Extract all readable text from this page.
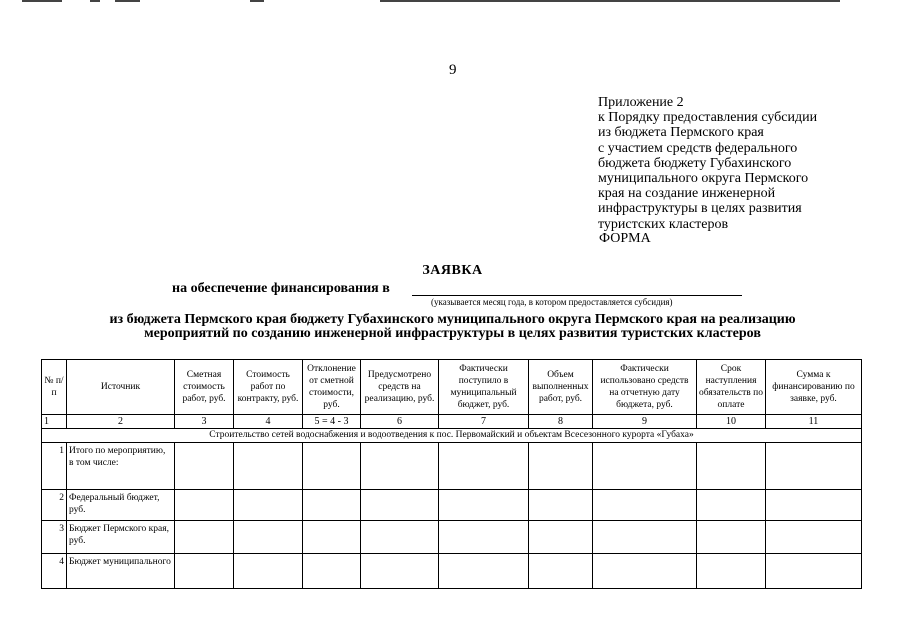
9
Приложение 2
к Порядку предоставления субсидии
из бюджета Пермского края
с участием средств федерального
бюджета бюджету Губахинского
муниципального округа Пермского
края на создание инженерной
инфраструктуры в целях развития
туристских кластеров
ФОРМА
ЗАЯВКА
на обеспечение финансирования в
(указывается месяц года, в котором предоставляется субсидия)
из бюджета Пермского края бюджету Губахинского муниципального округа Пермского края на реализацию
мероприятий по созданию инженерной инфраструктуры в целях развития туристских кластеров
№ п/п	Источник	Сметная стоимость работ, руб.	Стоимость работ по контракту, руб.	Отклонение от сметной стоимости, руб.	Предусмотрено средств на реализацию, руб.	Фактически поступило в муниципальный бюджет, руб.	Объем выполненных работ, руб.	Фактически использовано средств на отчетную дату бюджета, руб.	Срок наступления обязательств по оплате	Сумма к финансированию по заявке, руб.
1	2	3	4	5 = 4 - 3	6	7	8	9	10	11
Строительство сетей водоснабжения и водоотведения к пос. Первомайский и объектам Всесезонного курорта «Губаха»										
1	Итого по мероприятию, в том числе:									
2	Федеральный бюджет, руб.									
3	Бюджет Пермского края, руб.									
4	Бюджет муниципального									
